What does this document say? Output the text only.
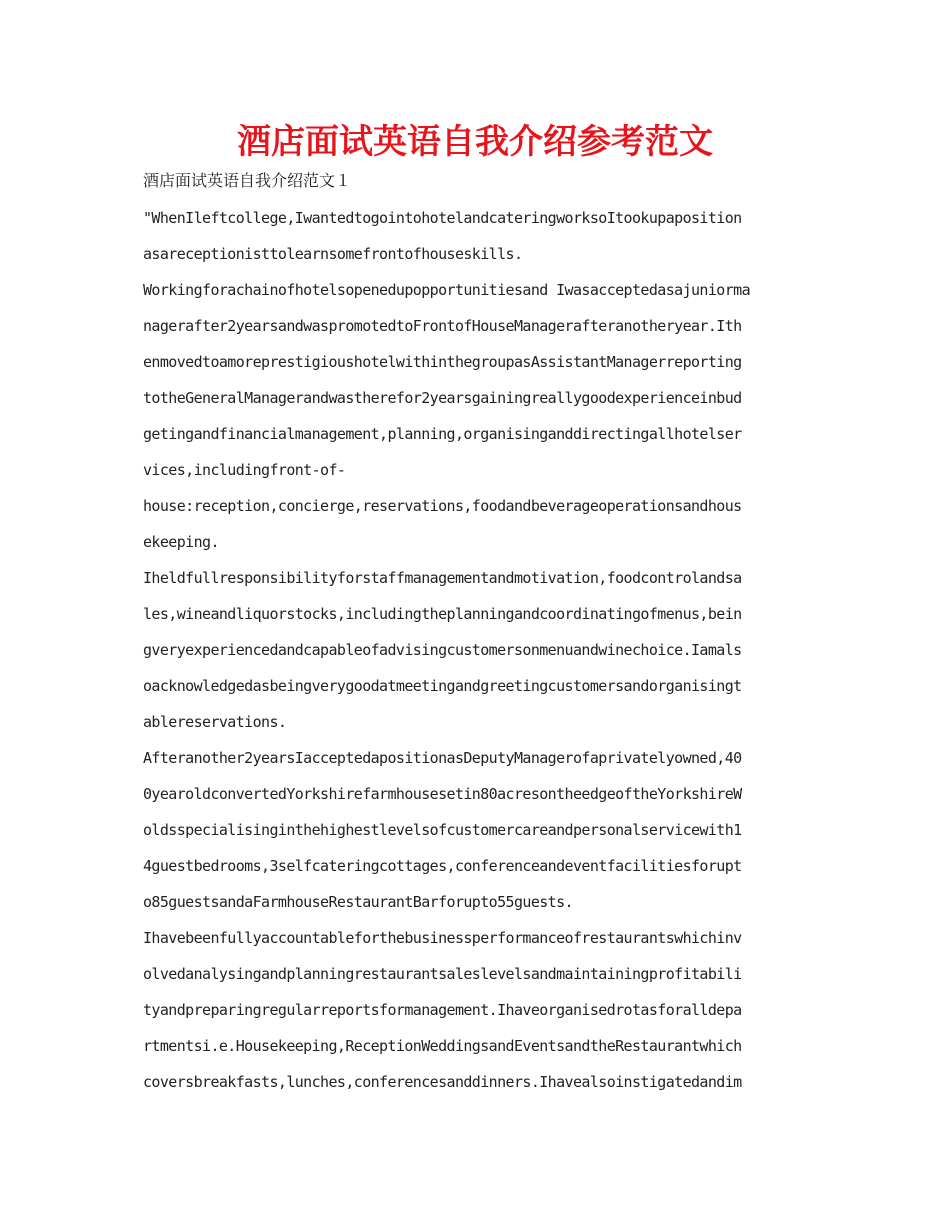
酒店面试英语自我介绍参考范文
酒店面试英语自我介绍范文１
"WhenIleftcollege,IwantedtogointohotelandcateringworksoItookupaposition
asareceptionisttolearnsomefrontofhouseskills.
Workingforachainofhotelsopenedupopportunitiesand Iwasacceptedasajuniorma
nagerafter2yearsandwaspromotedtoFrontofHouseManagerafteranotheryear.Ith
enmovedtoamoreprestigioushotelwithinthegroupasAssistantManagerreporting
totheGeneralManagerandwastherefor2yearsgainingreallygoodexperienceinbud
getingandfinancialmanagement,planning,organisinganddirectingallhotelser
vices,includingfront-of-
house:reception,concierge,reservations,foodandbeverageoperationsandhous
ekeeping.
Iheldfullresponsibilityforstaffmanagementandmotivation,foodcontrolandsa
les,wineandliquorstocks,includingtheplanningandcoordinatingofmenus,bein
gveryexperiencedandcapableofadvisingcustomersonmenuandwinechoice.Iamals
oacknowledgedasbeingverygoodatmeetingandgreetingcustomersandorganisingt
ablereservations.
Afteranother2yearsIacceptedapositionasDeputyManagerofaprivatelyowned,40
0yearoldconvertedYorkshirefarmhousesetin80acresontheedgeoftheYorkshireW
oldsspecialisinginthehighestlevelsofcustomercareandpersonalservicewith1
4guestbedrooms,3selfcateringcottages,conferenceandeventfacilitiesforupt
o85guestsandaFarmhouseRestaurantBarforupto55guests.
Ihavebeenfullyaccountableforthebusinessperformanceofrestaurantswhichinv
olvedanalysingandplanningrestaurantsaleslevelsandmaintainingprofitabili
tyandpreparingregularreportsformanagement.Ihaveorganisedrotasforalldepa
rtmentsi.e.Housekeeping,ReceptionWeddingsandEventsandtheRestaurantwhich
coversbreakfasts,lunches,conferencesanddinners.Ihavealsoinstigatedandim
